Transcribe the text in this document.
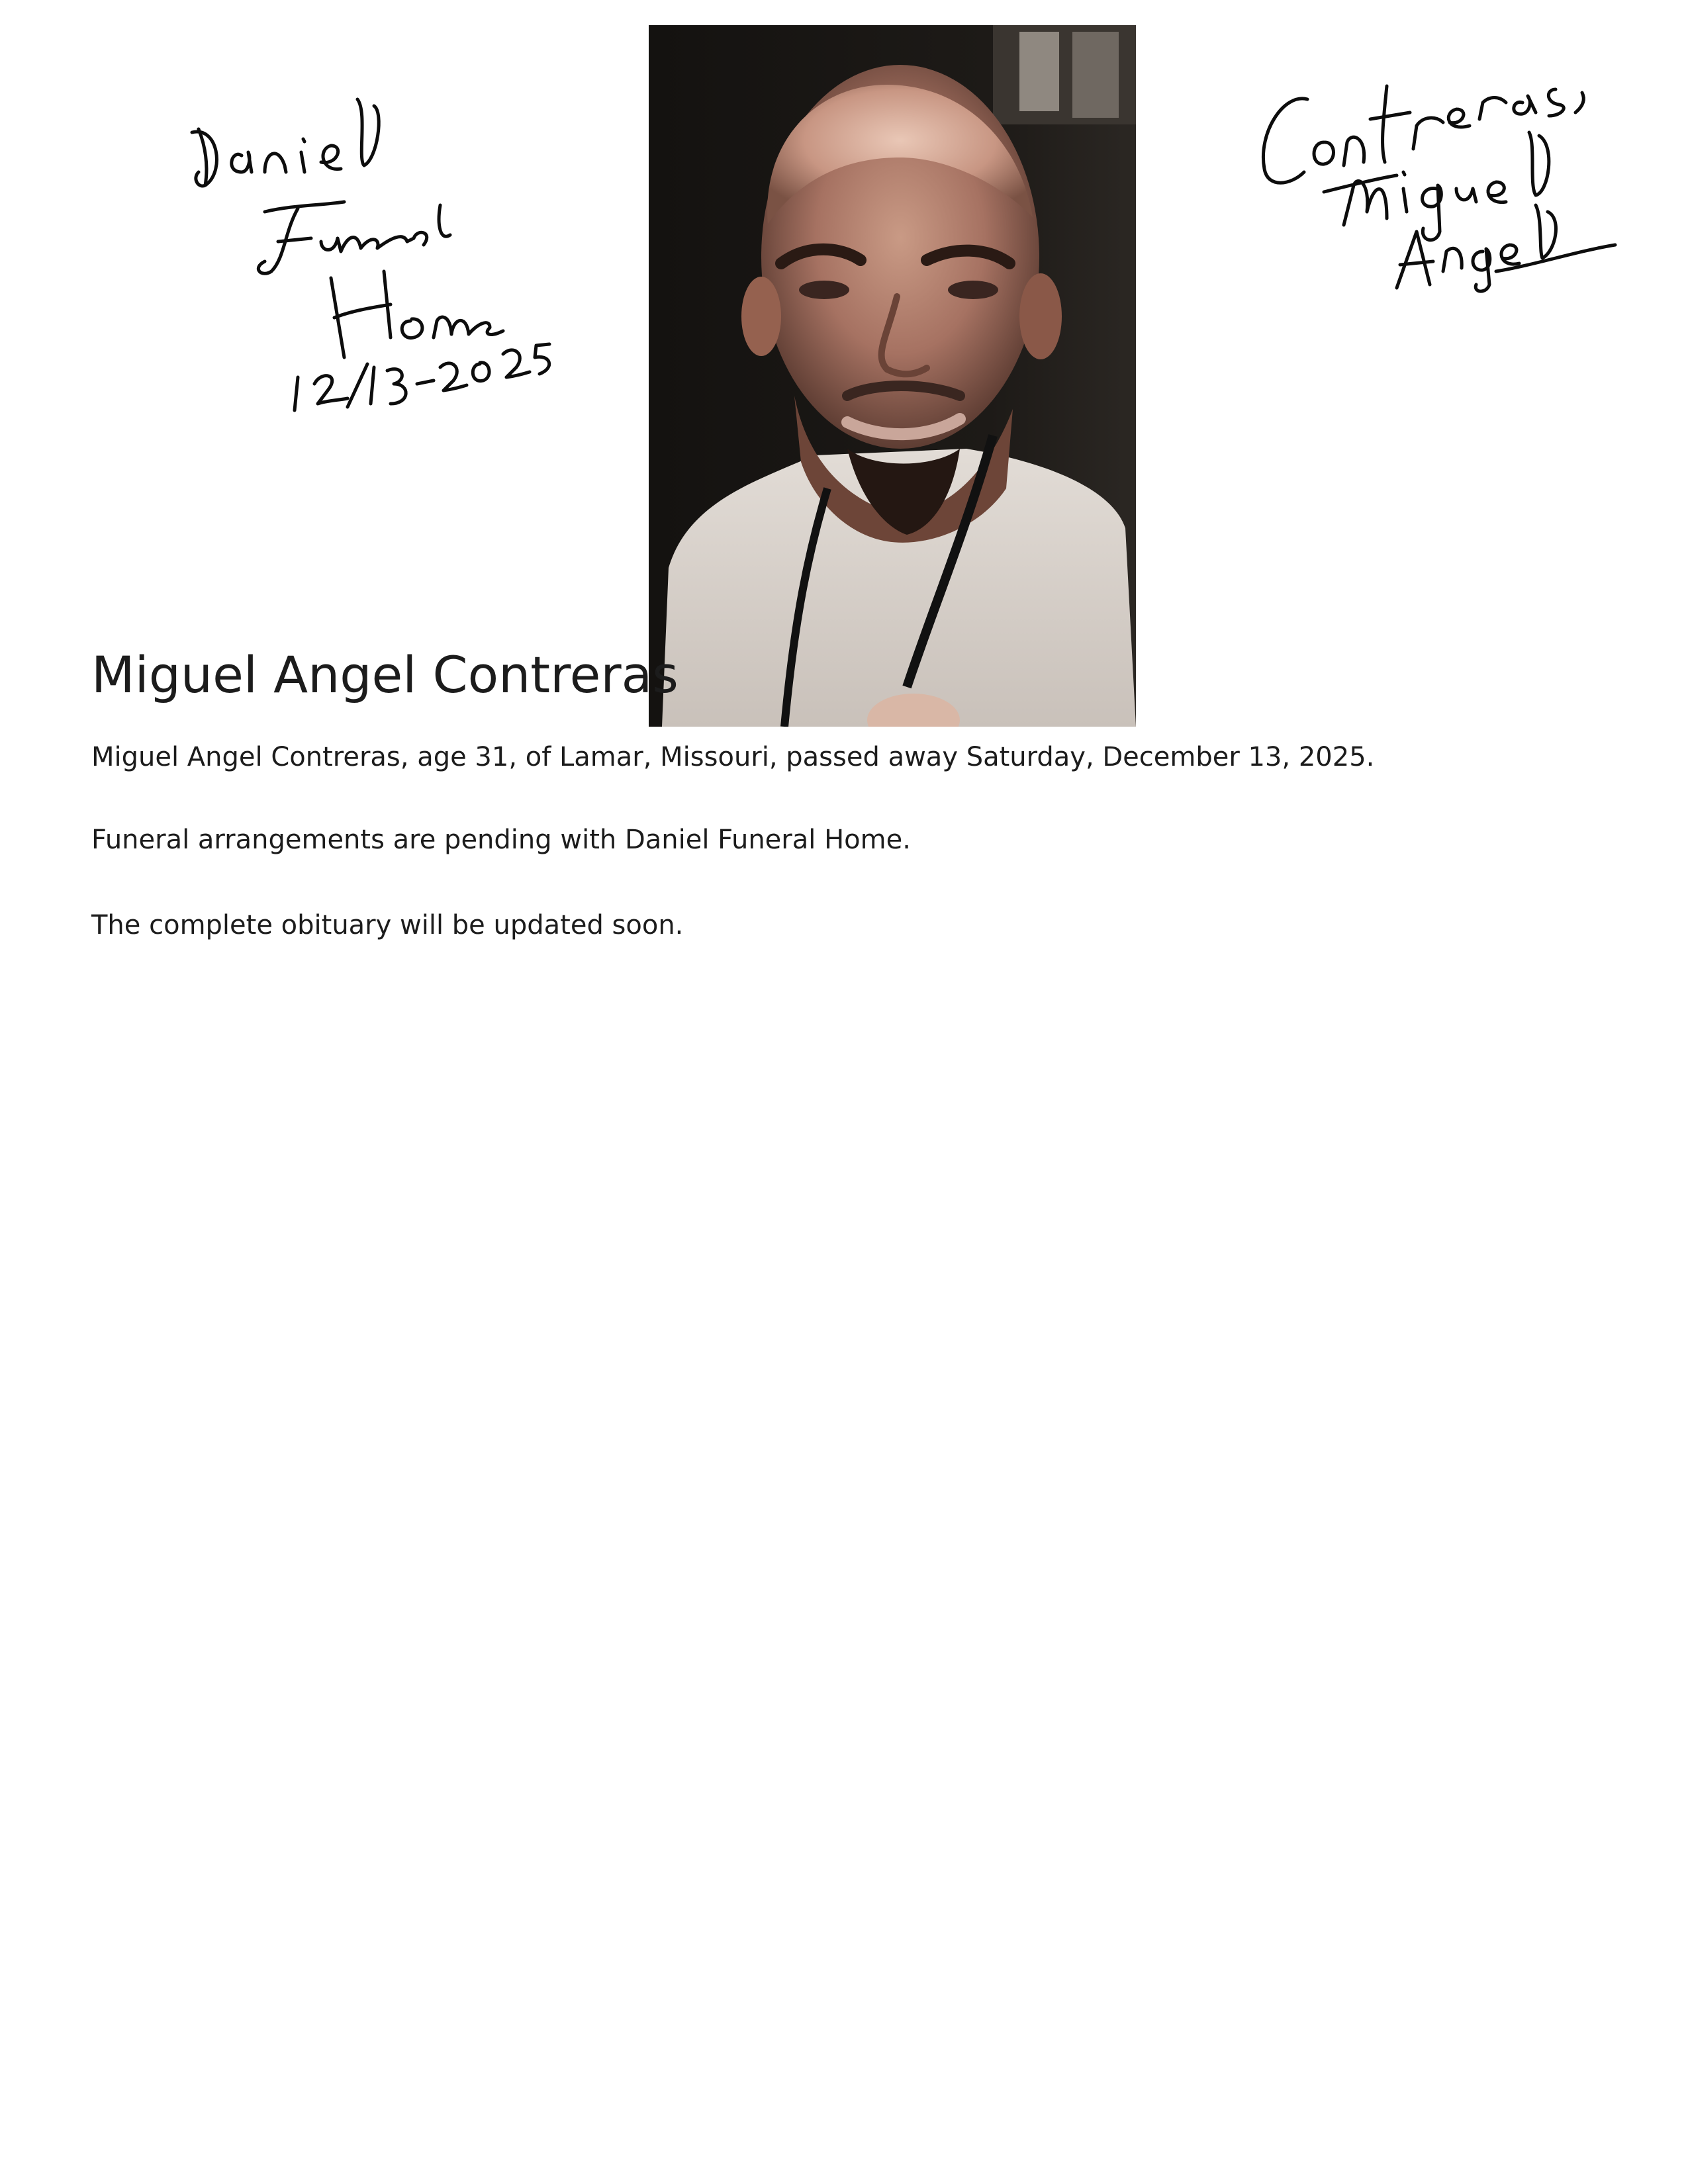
Miguel Angel Contreras

Miguel Angel Contreras, age 31, of Lamar, Missouri, passed away Saturday, December 13, 2025.

Funeral arrangements are pending with Daniel Funeral Home.

The complete obituary will be updated soon.
